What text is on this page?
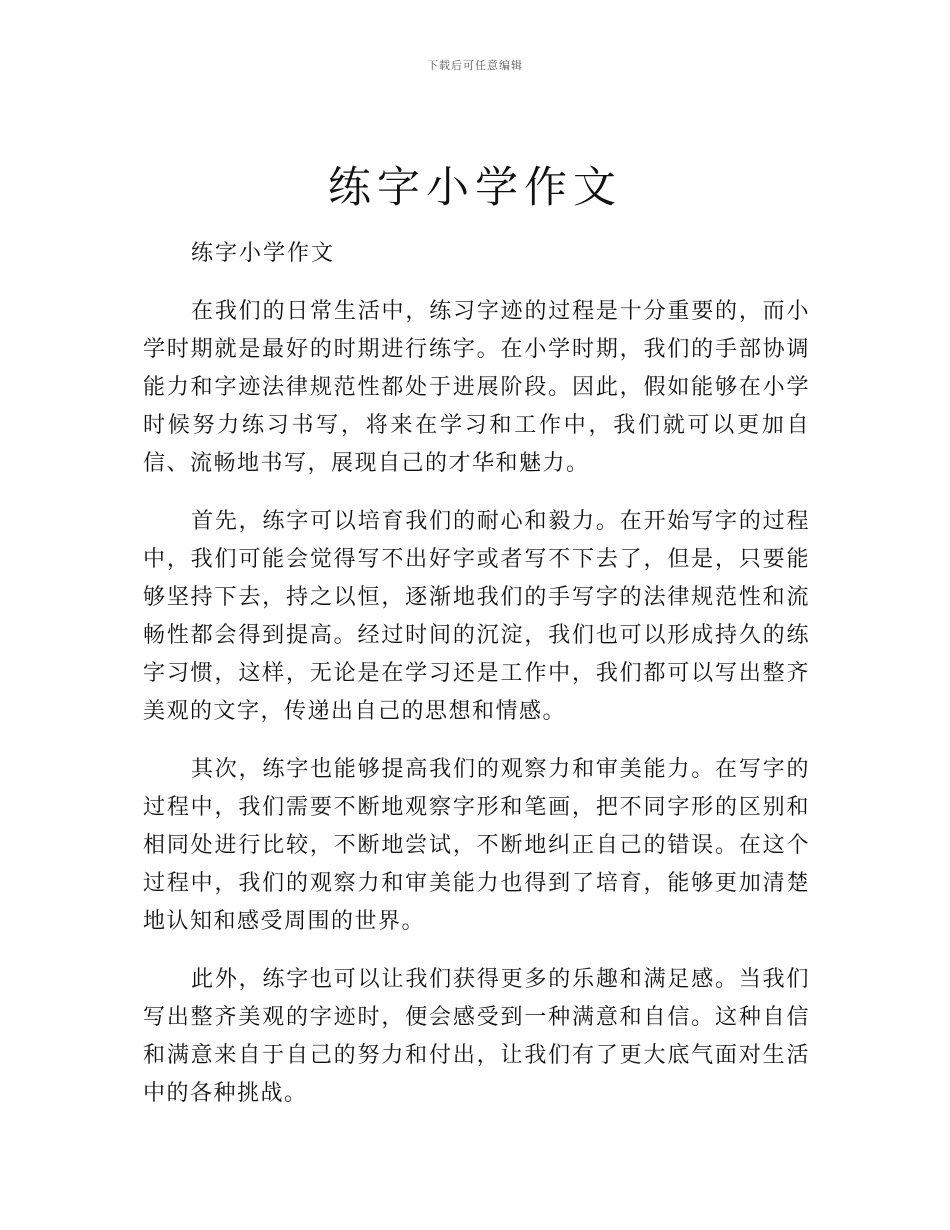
下载后可任意编辑
练字小学作文

练字小学作文

在我们的日常生活中，练习字迹的过程是十分重要的，而小学时期就是最好的时期进行练字。在小学时期，我们的手部协调能力和字迹法律规范性都处于进展阶段。因此，假如能够在小学时候努力练习书写，将来在学习和工作中，我们就可以更加自信、流畅地书写，展现自己的才华和魅力。

首先，练字可以培育我们的耐心和毅力。在开始写字的过程中，我们可能会觉得写不出好字或者写不下去了，但是，只要能够坚持下去，持之以恒，逐渐地我们的手写字的法律规范性和流畅性都会得到提高。经过时间的沉淀，我们也可以形成持久的练字习惯，这样，无论是在学习还是工作中，我们都可以写出整齐美观的文字，传递出自己的思想和情感。

其次，练字也能够提高我们的观察力和审美能力。在写字的过程中，我们需要不断地观察字形和笔画，把不同字形的区别和相同处进行比较，不断地尝试，不断地纠正自己的错误。在这个过程中，我们的观察力和审美能力也得到了培育，能够更加清楚地认知和感受周围的世界。

此外，练字也可以让我们获得更多的乐趣和满足感。当我们写出整齐美观的字迹时，便会感受到一种满意和自信。这种自信和满意来自于自己的努力和付出，让我们有了更大底气面对生活中的各种挑战。
